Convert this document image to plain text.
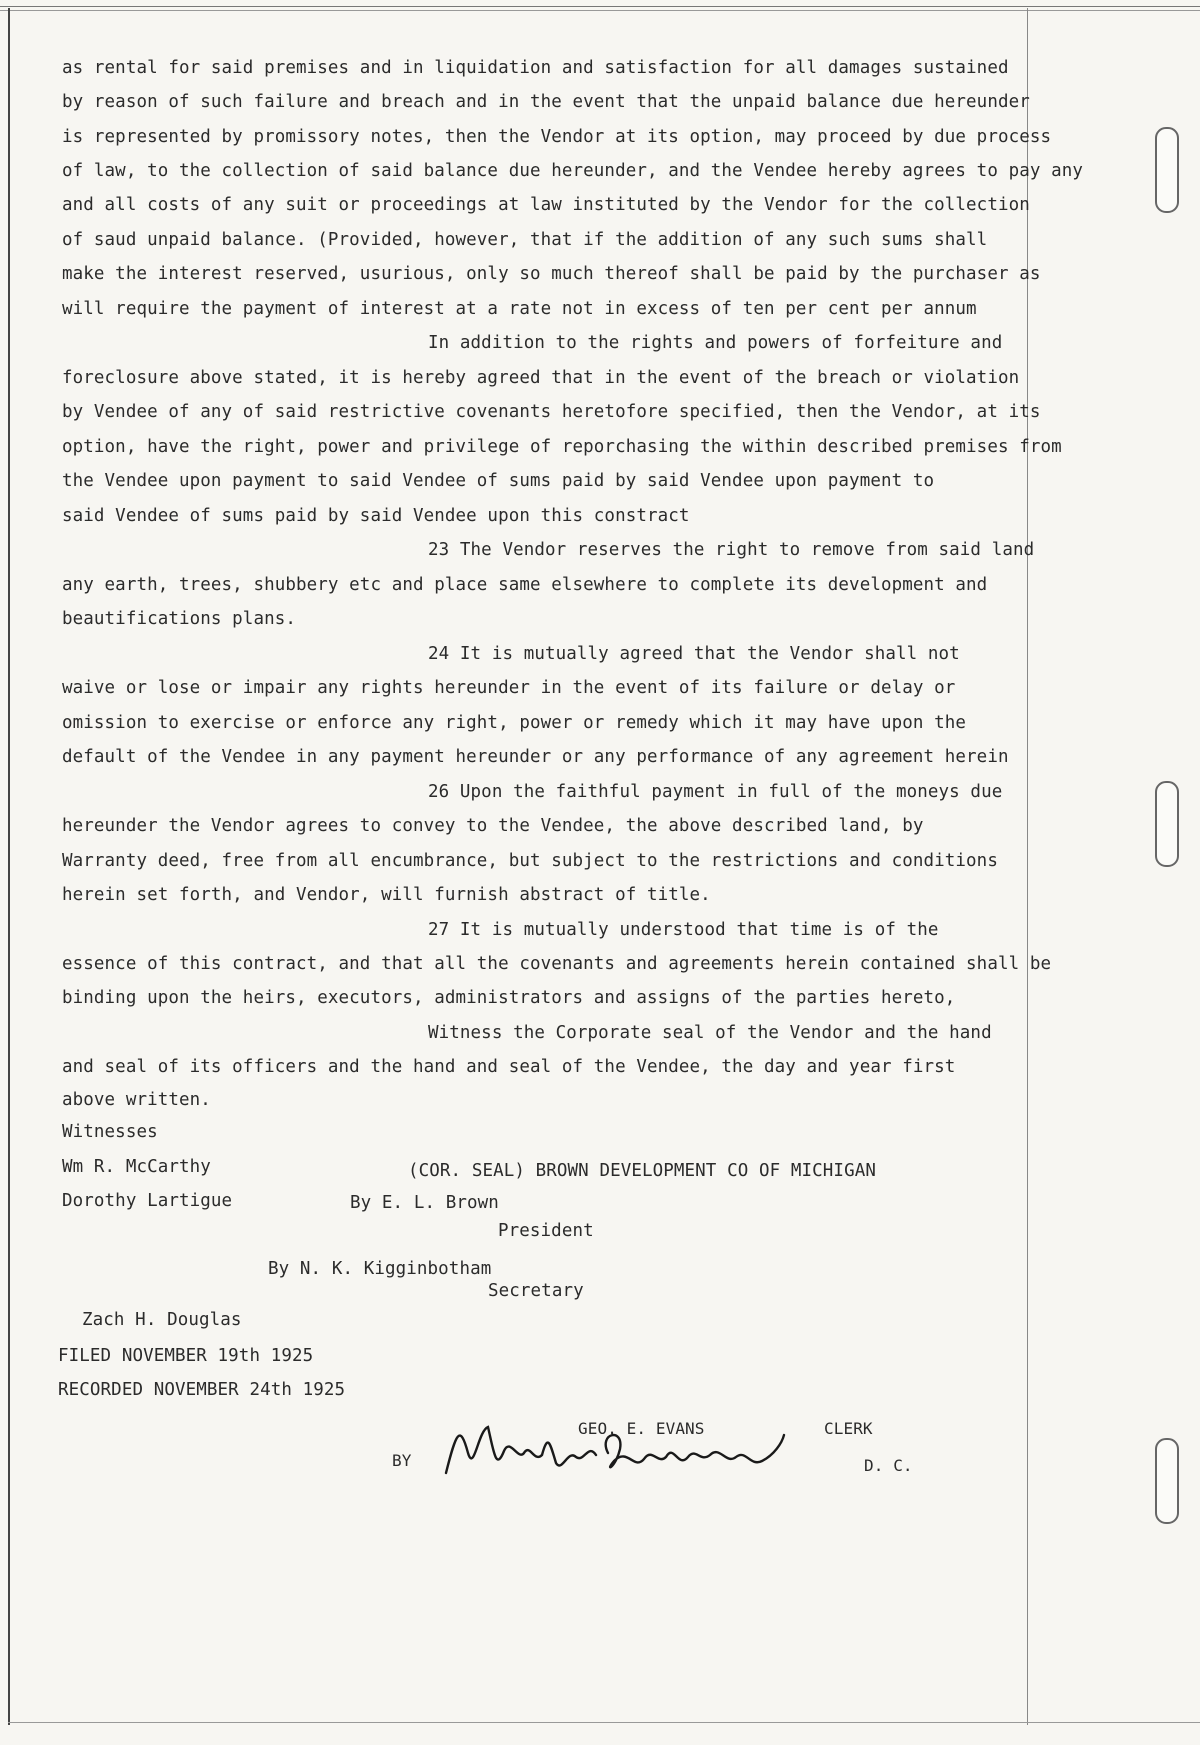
as rental for said premises and in liquidation and satisfaction for all damages sustained
by reason of such failure and breach and in the event that the unpaid balance due hereunder
is represented by promissory notes, then the Vendor at its option, may proceed by due process
of law, to the collection of said balance due hereunder, and the Vendee hereby agrees to pay any
and all costs of any suit or proceedings at law instituted by the Vendor for the collection
of saud unpaid balance. (Provided, however, that if the addition of any such sums shall
make the interest reserved, usurious, only so much thereof shall be paid by the purchaser as
will require the payment of interest at a rate not in excess of ten per cent per annum
In addition to the rights and powers of forfeiture and
foreclosure above stated, it is hereby agreed that in the event of the breach or violation
by Vendee of any of said restrictive covenants heretofore specified, then the Vendor, at its
option, have the right, power and privilege of reporchasing the within described premises from
the Vendee upon payment to said Vendee of sums paid by said Vendee upon payment to
said Vendee of sums paid by said Vendee upon this constract
23 The Vendor reserves the right to remove from said land
any earth, trees, shubbery etc and place same elsewhere to complete its development and
beautifications plans.
24 It is mutually agreed that the Vendor shall not
waive or lose or impair any rights hereunder in the event of its failure or delay or
omission to exercise or enforce any right, power or remedy which it may have upon the
default of the Vendee in any payment hereunder or any performance of any agreement herein
26 Upon the faithful payment in full of the moneys due
hereunder the Vendor agrees to convey to the Vendee, the above described land, by
Warranty deed, free from all encumbrance, but subject to the restrictions and conditions
herein set forth, and Vendor, will furnish abstract of title.
27 It is mutually understood that time is of the
essence of this contract, and that all the covenants and agreements herein contained shall be
binding upon the heirs, executors, administrators and assigns of the parties hereto,
Witness the Corporate seal of the Vendor and the hand
and seal of its officers and the hand and seal of the Vendee, the day and year first
above written.
Witnesses
Wm R. McCarthy	(COR. SEAL) BROWN DEVELOPMENT CO OF MICHIGAN
Dorothy Lartigue	By E. L. Brown
President
By N. K. Kigginbotham
Secretary
Zach H. Douglas
FILED NOVEMBER 19th 1925
RECORDED NOVEMBER 24th 1925
GEO. E. EVANS	CLERK
BY	D. C.
